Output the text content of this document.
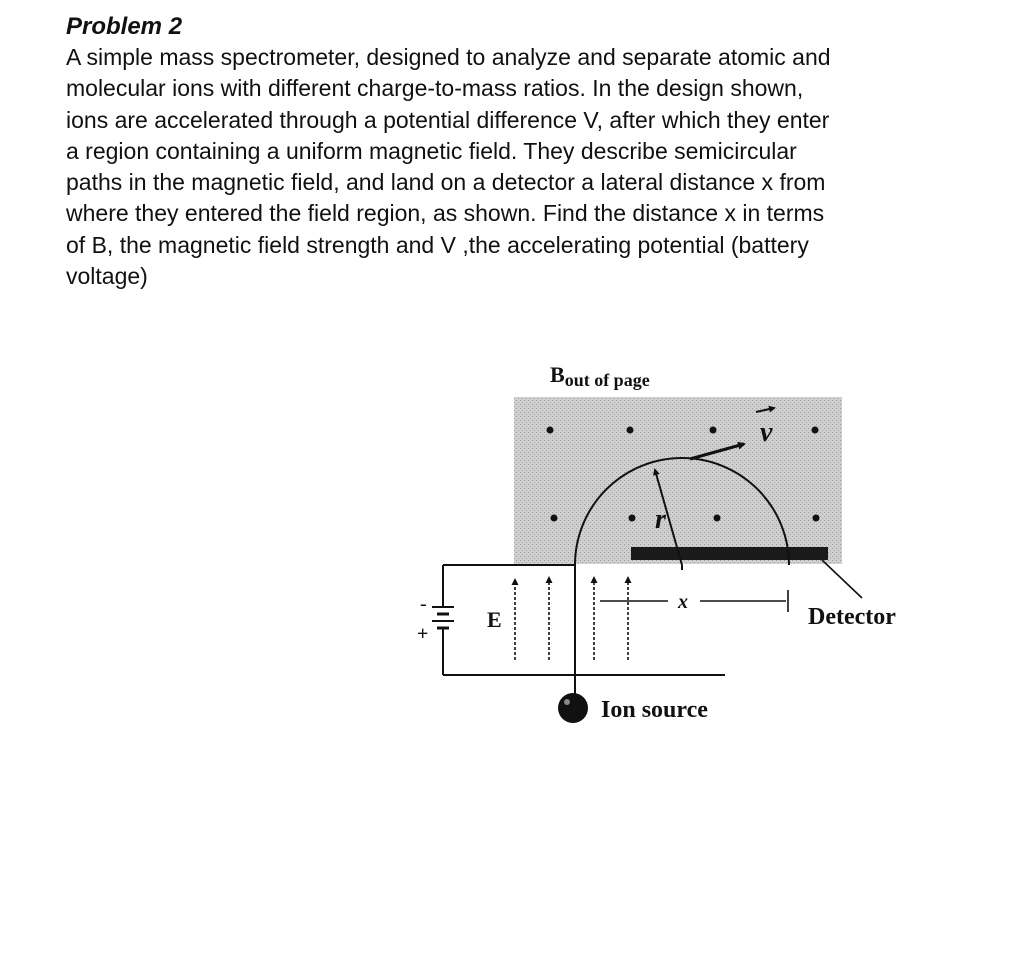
Problem 2

A simple mass spectrometer, designed to analyze and separate atomic and
molecular ions with different charge-to-mass ratios. In the design shown,
ions are accelerated through a potential difference V, after which they enter
a region containing a uniform magnetic field. They describe semicircular
paths in the magnetic field, and land on a detector a lateral distance x from
where they entered the field region, as shown. Find the distance x in terms
of B, the magnetic field strength and V ,the accelerating potential (battery
voltage)

Bout of page
v
r
-
+
E
x
Detector
Ion source
